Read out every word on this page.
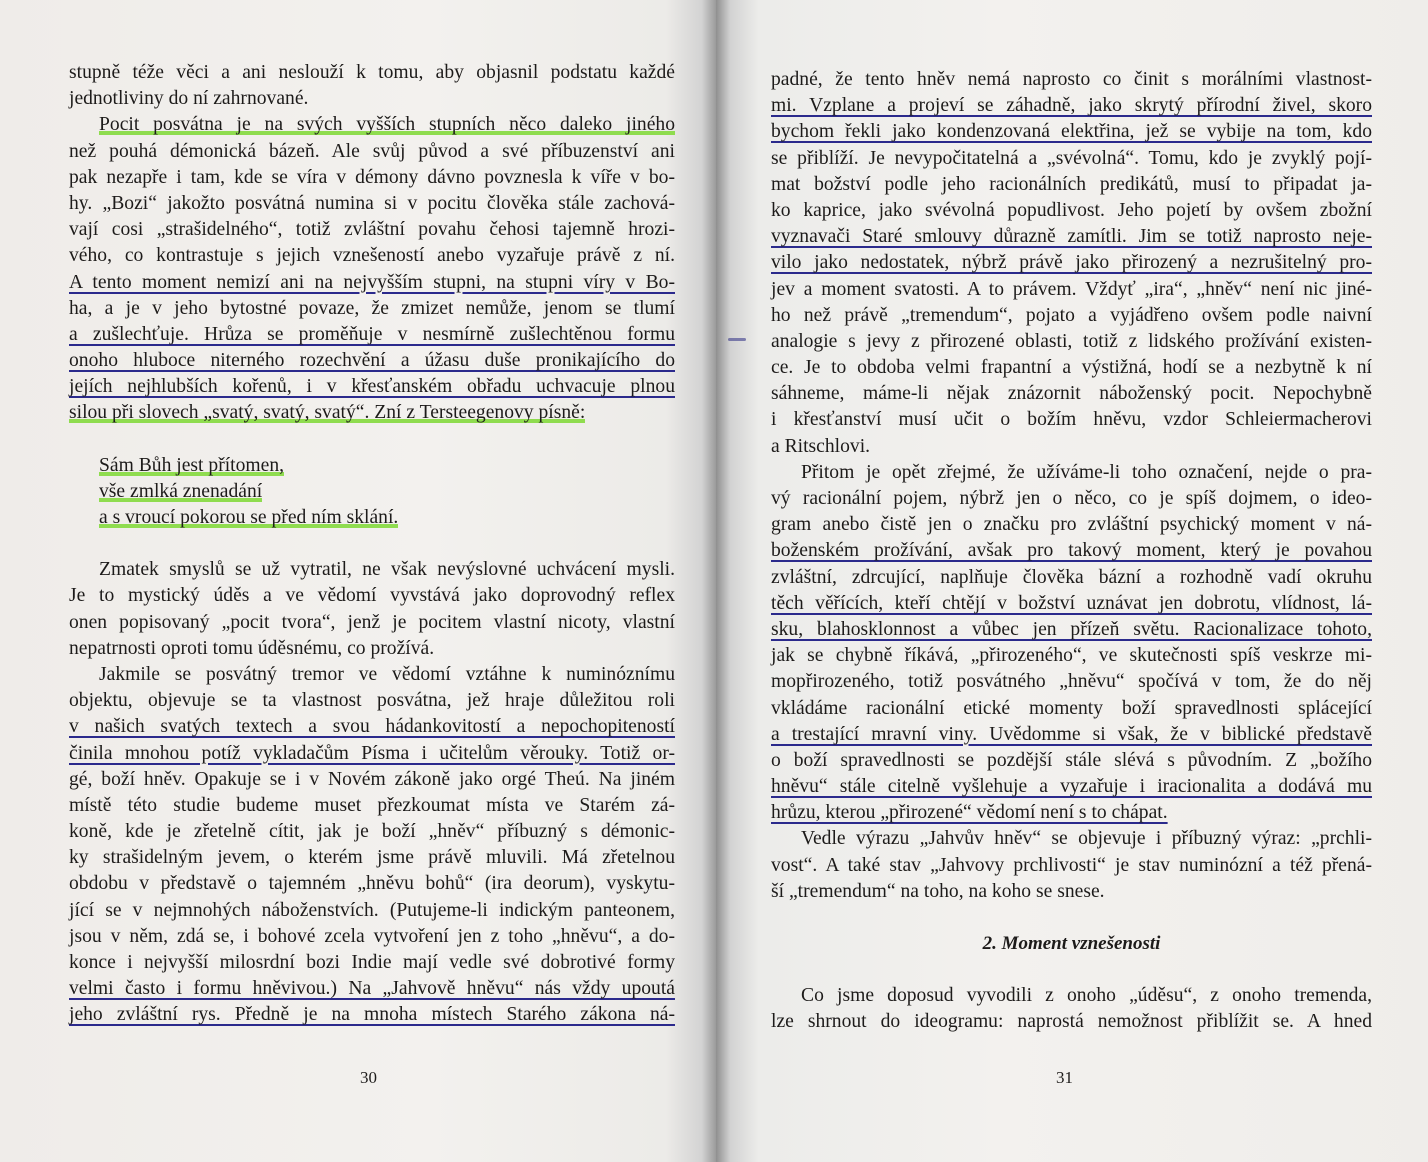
stupně téže věci a ani neslouží k tomu, aby objasnil podstatu každé
jednotliviny do ní zahrnované.
Pocit posvátna je na svých vyšších stupních něco daleko jiného
než pouhá démonická bázeň. Ale svůj původ a své příbuzenství ani
pak nezapře i tam, kde se víra v démony dávno povznesla k víře v bo-
hy. „Bozi“ jakožto posvátná numina si v pocitu člověka stále zachová-
vají cosi „strašidelného“, totiž zvláštní povahu čehosi tajemně hrozi-
vého, co kontrastuje s jejich vznešeností anebo vyzařuje právě z ní.
A tento moment nemizí ani na nejvyšším stupni, na stupni víry v Bo-
ha, a je v jeho bytostné povaze, že zmizet nemůže, jenom se tlumí
a zušlechťuje. Hrůza se proměňuje v nesmírně zušlechtěnou formu
onoho hluboce niterného rozechvění a úžasu duše pronikajícího do
jejích nejhlubších kořenů, i v křesťanském obřadu uchvacuje plnou
silou při slovech „svatý, svatý, svatý“. Zní z Tersteegenovy písně:
Sám Bůh jest přítomen,
vše zmlká znenadání
a s vroucí pokorou se před ním sklání.
Zmatek smyslů se už vytratil, ne však nevýslovné uchvácení mysli.
Je to mystický úděs a ve vědomí vyvstává jako doprovodný reflex
onen popisovaný „pocit tvora“, jenž je pocitem vlastní nicoty, vlastní
nepatrnosti oproti tomu úděsnému, co prožívá.
Jakmile se posvátný tremor ve vědomí vztáhne k numinóznímu
objektu, objevuje se ta vlastnost posvátna, jež hraje důležitou roli
v našich svatých textech a svou hádankovitostí a nepochopiteností
činila mnohou potíž vykladačům Písma i učitelům věrouky. Totiž or-
gé, boží hněv. Opakuje se i v Novém zákoně jako orgé Theú. Na jiném
místě této studie budeme muset přezkoumat místa ve Starém zá-
koně, kde je zřetelně cítit, jak je boží „hněv“ příbuzný s démonic-
ky strašidelným jevem, o kterém jsme právě mluvili. Má zřetelnou
obdobu v představě o tajemném „hněvu bohů“ (ira deorum), vyskytu-
jící se v nejmnohých náboženstvích. (Putujeme-li indickým panteonem,
jsou v něm, zdá se, i bohové zcela vytvoření jen z toho „hněvu“, a do-
konce i nejvyšší milosrdní bozi Indie mají vedle své dobrotivé formy
velmi často i formu hněvivou.) Na „Jahvově hněvu“ nás vždy upoutá
jeho zvláštní rys. Předně je na mnoha místech Starého zákona ná-
30
padné, že tento hněv nemá naprosto co činit s morálními vlastnost-
mi. Vzplane a projeví se záhadně, jako skrytý přírodní živel, skoro
bychom řekli jako kondenzovaná elektřina, jež se vybije na tom, kdo
se přiblíží. Je nevypočitatelná a „svévolná“. Tomu, kdo je zvyklý pojí-
mat božství podle jeho racionálních predikátů, musí to připadat ja-
ko kaprice, jako svévolná popudlivost. Jeho pojetí by ovšem zbožní
vyznavači Staré smlouvy důrazně zamítli. Jim se totiž naprosto neje-
vilo jako nedostatek, nýbrž právě jako přirozený a nezrušitelný pro-
jev a moment svatosti. A to právem. Vždyť „ira“, „hněv“ není nic jiné-
ho než právě „tremendum“, pojato a vyjádřeno ovšem podle naivní
analogie s jevy z přirozené oblasti, totiž z lidského prožívání existen-
ce. Je to obdoba velmi frapantní a výstižná, hodí se a nezbytně k ní
sáhneme, máme-li nějak znázornit náboženský pocit. Nepochybně
i křesťanství musí učit o božím hněvu, vzdor Schleiermacherovi
a Ritschlovi.
Přitom je opět zřejmé, že užíváme-li toho označení, nejde o pra-
vý racionální pojem, nýbrž jen o něco, co je spíš dojmem, o ideo-
gram anebo čistě jen o značku pro zvláštní psychický moment v ná-
boženském prožívání, avšak pro takový moment, který je povahou
zvláštní, zdrcující, naplňuje člověka bázní a rozhodně vadí okruhu
těch věřících, kteří chtějí v božství uznávat jen dobrotu, vlídnost, lá-
sku, blahosklonnost a vůbec jen přízeň světu. Racionalizace tohoto,
jak se chybně říkává, „přirozeného“, ve skutečnosti spíš veskrze mi-
mopřirozeného, totiž posvátného „hněvu“ spočívá v tom, že do něj
vkládáme racionální etické momenty boží spravedlnosti splácející
a trestající mravní viny. Uvědomme si však, že v biblické představě
o boží spravedlnosti se pozdější stále slévá s původním. Z „božího
hněvu“ stále citelně vyšlehuje a vyzařuje i iracionalita a dodává mu
hrůzu, kterou „přirozené“ vědomí není s to chápat.
Vedle výrazu „Jahvův hněv“ se objevuje i příbuzný výraz: „prchli-
vost“. A také stav „Jahvovy prchlivosti“ je stav numinózní a též přená-
ší „tremendum“ na toho, na koho se snese.
2. Moment vznešenosti
Co jsme doposud vyvodili z onoho „úděsu“, z onoho tremenda,
lze shrnout do ideogramu: naprostá nemožnost přiblížit se. A hned
31
